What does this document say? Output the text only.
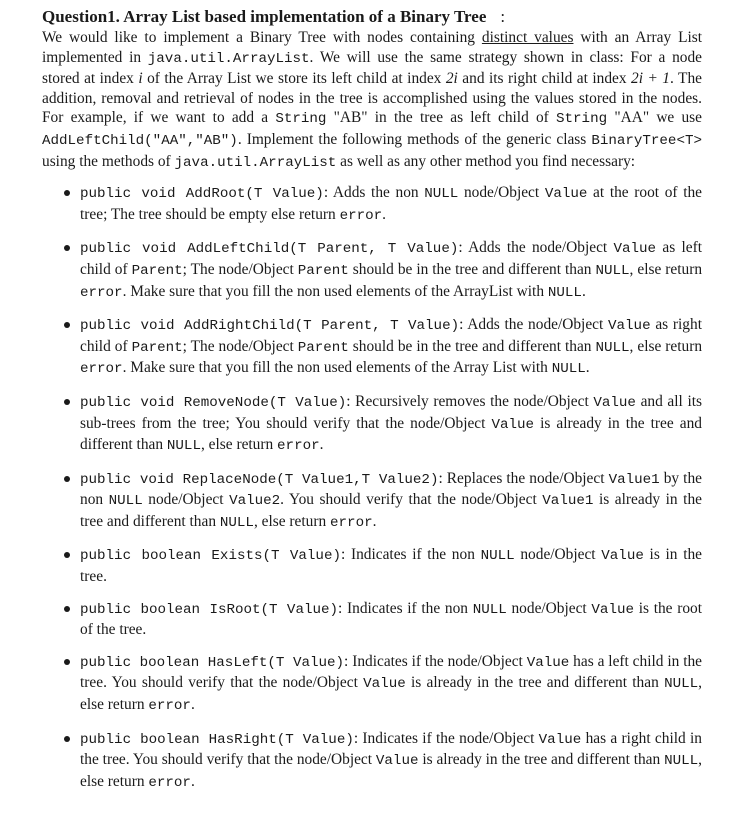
Question1. Array List based implementation of a Binary Tree :

We would like to implement a Binary Tree with nodes containing distinct values with an Array List implemented in java.util.ArrayList. We will use the same strategy shown in class: For a node stored at index i of the Array List we store its left child at index 2i and its right child at index 2i + 1. The addition, removal and retrieval of nodes in the tree is accomplished using the values stored in the nodes. For example, if we want to add a String "AB" in the tree as left child of String "AA" we use AddLeftChild("AA","AB"). Implement the following methods of the generic class BinaryTree<T> using the methods of java.util.ArrayList as well as any other method you find necessary:

public void AddRoot(T Value): Adds the non NULL node/Object Value at the root of the tree; The tree should be empty else return error.
public void AddLeftChild(T Parent, T Value): Adds the node/Object Value as left child of Parent; The node/Object Parent should be in the tree and different than NULL, else return error. Make sure that you fill the non used elements of the ArrayList with NULL.
public void AddRightChild(T Parent, T Value): Adds the node/Object Value as right child of Parent; The node/Object Parent should be in the tree and different than NULL, else return error. Make sure that you fill the non used elements of the Array List with NULL.
public void RemoveNode(T Value): Recursively removes the node/Object Value and all its sub-trees from the tree; You should verify that the node/Object Value is already in the tree and different than NULL, else return error.
public void ReplaceNode(T Value1,T Value2): Replaces the node/Object Value1 by the non NULL node/Object Value2. You should verify that the node/Object Value1 is already in the tree and different than NULL, else return error.
public boolean Exists(T Value): Indicates if the non NULL node/Object Value is in the tree.
public boolean IsRoot(T Value): Indicates if the non NULL node/Object Value is the root of the tree.
public boolean HasLeft(T Value): Indicates if the node/Object Value has a left child in the tree. You should verify that the node/Object Value is already in the tree and different than NULL, else return error.
public boolean HasRight(T Value): Indicates if the node/Object Value has a right child in the tree. You should verify that the node/Object Value is already in the tree and different than NULL, else return error.
